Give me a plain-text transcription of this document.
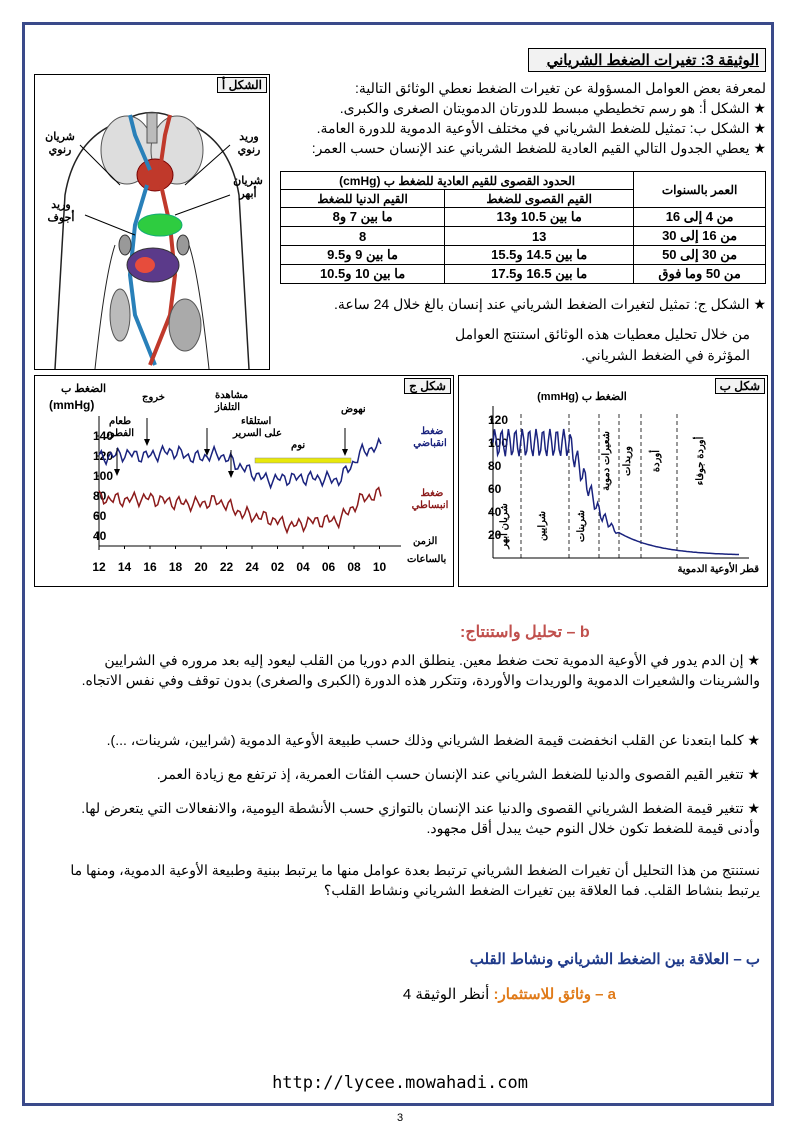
الوثيقة 3: تغيرات الضغط الشرياني
لمعرفة بعض العوامل المسؤولة عن تغيرات الضغط نعطي الوثائق التالية:
★ الشكل أ: هو رسم تخطيطي مبسط للدورتان الدمويتان الصغرى والكبرى.
★ الشكل ب: تمثيل للضغط الشرياني في مختلف الأوعية الدموية للدورة العامة.
★ يعطي الجدول التالي القيم العادية للضغط الشرياني عند الإنسان حسب العمر:
العمر بالسنوات	الحدود القصوى للقيم العادية للضغط ب (cmHg)	
	القيم القصوى للضغط	القيم الدنيا للضغط
من 4 إلى 16	ما بين 10.5 و13	ما بين 7 و8
من 16 إلى 30	13	8
من 30 إلى 50	ما بين 14.5 و15.5	ما بين 9 و9.5
من 50 وما فوق	ما بين 16.5 و17.5	ما بين 10 و10.5
★ الشكل ج: تمثيل لتغيرات الضغط الشرياني عند إنسان بالغ خلال 24 ساعة.
من خلال تحليل معطيات هذه الوثائق استنتج العوامل المؤثرة في الضغط الشرياني.
الشكل أ
شريان رنوي
وريد رنوي
شريان أبهر
وريد أجوف
شكل ج
40
60
80
100
120
140
12 14 16 18 20 22 24 02 04 06 08 10
الضغط ب
(mmHg)
طعام
الفطور
خروج	مشاهدة
التلفاز
استلقاء
على السرير
نوم
نهوض
ضغط
انقباضي
ضغط
انبساطي
الزمن
بالساعات
شكل ب
20
40
60
80
100
120
شريان أبهر	شرايين	شرينات
شعيرات دموية وريدات أوردة	أوردة جوفاء
الضغط ب (mmHg)
قطر الأوعية الدموية
b – تحليل واستنتاج:
★ إن الدم يدور في الأوعية الدموية تحت ضغط معين. ينطلق الدم دوريا من القلب ليعود إليه بعد مروره في الشرايين والشرينات والشعيرات الدموية والوريدات والأوردة، وتتكرر هذه الدورة (الكبرى والصغرى) بدون توقف وفي نفس الاتجاه.
★ كلما ابتعدنا عن القلب انخفضت قيمة الضغط الشرياني وذلك حسب طبيعة الأوعية الدموية (شرايين، شرينات، ...).
★ تتغير القيم القصوى والدنيا للضغط الشرياني عند الإنسان حسب الفئات العمرية، إذ ترتفع مع زيادة العمر.
★ تتغير قيمة الضغط الشرياني القصوى والدنيا عند الإنسان بالتوازي حسب الأنشطة اليومية، والانفعالات التي يتعرض لها. وأدنى قيمة للضغط تكون خلال النوم حيث يبدل أقل مجهود.
نستنتج من هذا التحليل أن تغيرات الضغط الشرياني ترتبط بعدة عوامل منها ما يرتبط ببنية وطبيعة الأوعية الدموية، ومنها ما يرتبط بنشاط القلب. فما العلاقة بين تغيرات الضغط الشرياني ونشاط القلب؟
ب – العلاقة بين الضغط الشرياني ونشاط القلب
a – وثائق للاستثمار: أنظر الوثيقة 4
http://lycee.mowahadi.com
3
